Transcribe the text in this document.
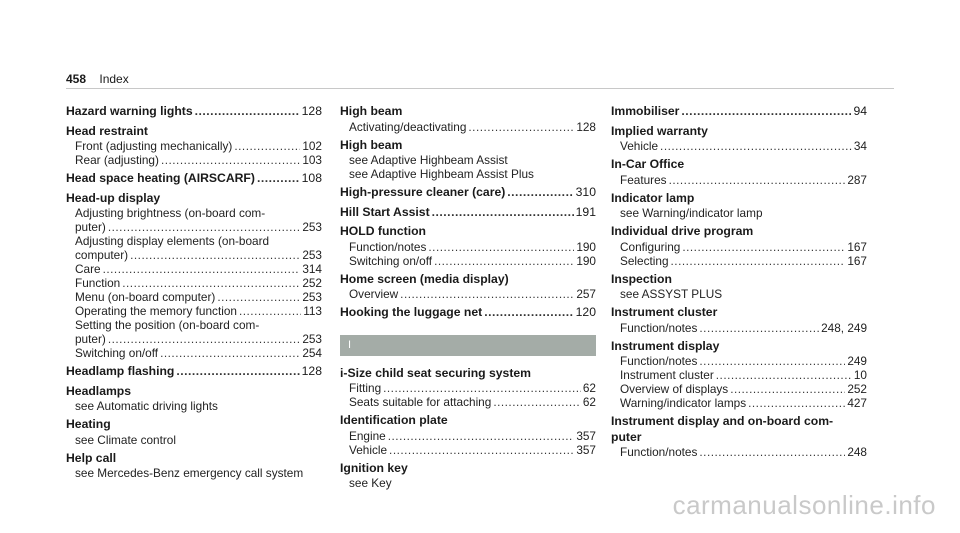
458 Index
Hazard warning lights .....	128
Head restraint
Front (adjusting mechanically) .....	102
Rear (adjusting) .....	103
Head space heating (AIRSCARF) .....	108
Head-up display
Adjusting brightness (on-board com-
puter) .....	253
Adjusting display elements (on-board
computer) .....	253
Care .....	314
Function .....	252
Menu (on-board computer) .....	253
Operating the memory function .....	113
Setting the position (on-board com-
puter) .....	253
Switching on/off .....	254
Headlamp flashing .....	128
Headlamps
see Automatic driving lights
Heating
see Climate control
Help call
see Mercedes-Benz emergency call system
High beam
Activating/deactivating .....	128
High beam
see Adaptive Highbeam Assist
see Adaptive Highbeam Assist Plus
High-pressure cleaner (care) .....	310
Hill Start Assist .....	191
HOLD function
Function/notes .....	190
Switching on/off .....	190
Home screen (media display)
Overview .....	257
Hooking the luggage net .....	120
I
i-Size child seat securing system
Fitting .....	62
Seats suitable for attaching .....	62
Identification plate
Engine .....	357
Vehicle .....	357
Ignition key
see Key
Immobiliser .....	94
Implied warranty
Vehicle .....	34
In-Car Office
Features .....	287
Indicator lamp
see Warning/indicator lamp
Individual drive program
Configuring .....	167
Selecting .....	167
Inspection
see ASSYST PLUS
Instrument cluster
Function/notes .....	248, 249
Instrument display
Function/notes .....	249
Instrument cluster .....	10
Overview of displays .....	252
Warning/indicator lamps .....	427
Instrument display and on-board com-
puter
Function/notes .....	248
carmanualsonline.info
